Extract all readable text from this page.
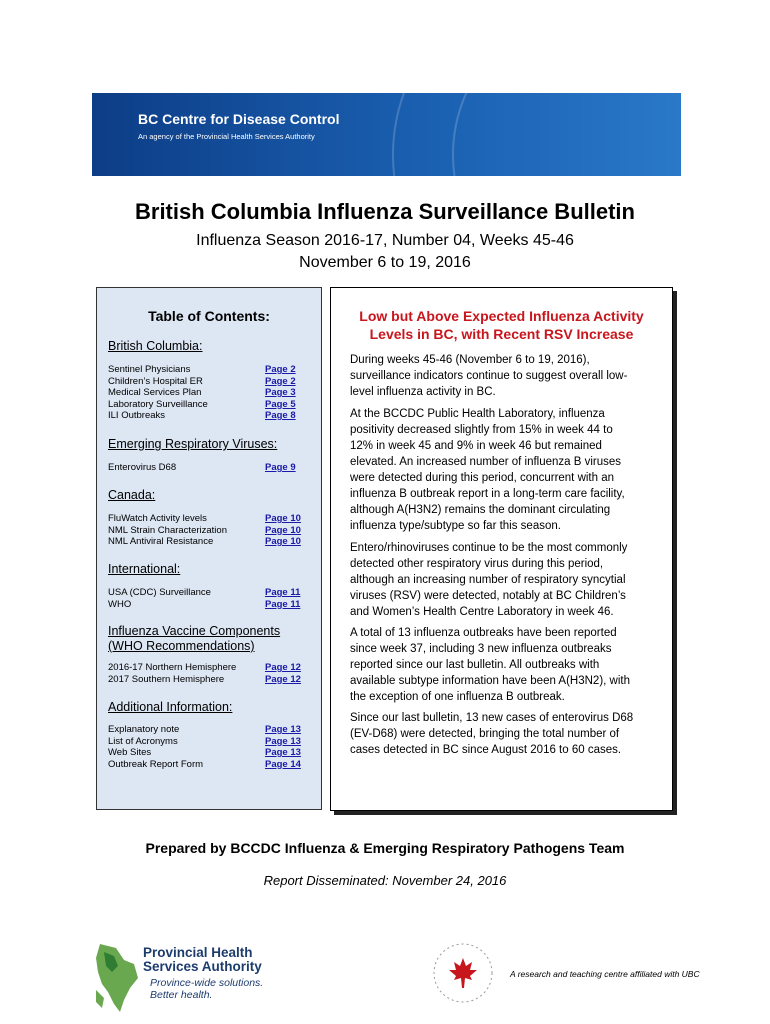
BC Centre for Disease Control
An agency of the Provincial Health Services Authority
British Columbia Influenza Surveillance Bulletin
Influenza Season 2016-17, Number 04, Weeks 45-46
November 6 to 19, 2016
Table of Contents:
British Columbia:
Sentinel Physicians	Page 2
Children’s Hospital ER	Page 2
Medical Services Plan	Page 3
Laboratory Surveillance	Page 5
ILI Outbreaks	Page 8
Emerging Respiratory Viruses:
Enterovirus D68	Page 9
Canada:
FluWatch Activity levels	Page 10
NML Strain Characterization	Page 10
NML Antiviral Resistance	Page 10
International:
USA (CDC) Surveillance	Page 11
WHO	Page 11
Influenza Vaccine Components
(WHO Recommendations)
2016-17 Northern Hemisphere	Page 12
2017 Southern Hemisphere	Page 12
Additional Information:
Explanatory note	Page 13
List of Acronyms	Page 13
Web Sites	Page 13
Outbreak Report Form	Page 14
Low but Above Expected Influenza Activity
Levels in BC, with Recent RSV Increase
During weeks 45-46 (November 6 to 19, 2016),
surveillance indicators continue to suggest overall low-
level influenza activity in BC.
At the BCCDC Public Health Laboratory, influenza
positivity decreased slightly from 15% in week 44 to
12% in week 45 and 9% in week 46 but remained
elevated. An increased number of influenza B viruses
were detected during this period, concurrent with an
influenza B outbreak report in a long-term care facility,
although A(H3N2) remains the dominant circulating
influenza type/subtype so far this season.
Entero/rhinoviruses continue to be the most commonly
detected other respiratory virus during this period,
although an increasing number of respiratory syncytial
viruses (RSV) were detected, notably at BC Children’s
and Women’s Health Centre Laboratory in week 46.
A total of 13 influenza outbreaks have been reported
since week 37, including 3 new influenza outbreaks
reported since our last bulletin. All outbreaks with
available subtype information have been A(H3N2), with
the exception of one influenza B outbreak.
Since our last bulletin, 13 new cases of enterovirus D68
(EV-D68) were detected, bringing the total number of
cases detected in BC since August 2016 to 60 cases.
Prepared by BCCDC Influenza & Emerging Respiratory Pathogens Team
Report Disseminated: November 24, 2016
Provincial Health
Services Authority
Province-wide solutions.
Better health.
A research and teaching centre affiliated with UBC
